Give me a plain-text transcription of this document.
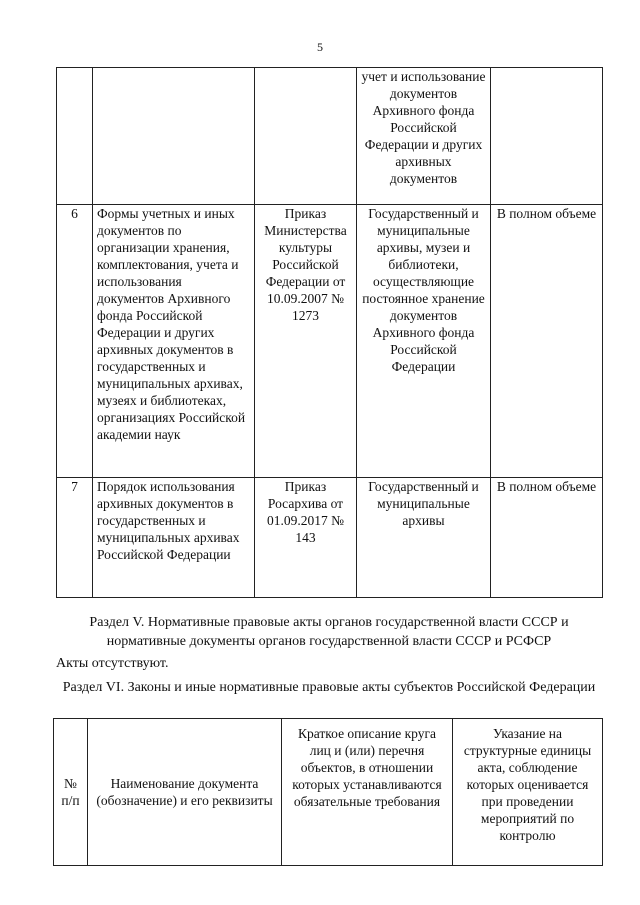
5
			учет и использование документов Архивного фонда Российской Федерации и других архивных документов	
6	Формы учетных и иных документов по организации хранения, комплектования, учета и использования документов Архивного фонда Российской Федерации и других архивных документов в государственных и муниципальных архивах, музеях и библиотеках, организациях Российской академии наук	Приказ Министерства культуры Российской Федерации от 10.09.2007 № 1273	Государственный и муниципальные архивы, музеи и библиотеки, осуществляющие постоянное хранение документов Архивного фонда Российской Федерации	В полном объеме
7	Порядок использования архивных документов в государственных и муниципальных архивах Российской Федерации	Приказ Росархива от 01.09.2017 № 143	Государственный и муниципальные архивы	В полном объеме
Раздел V. Нормативные правовые акты органов государственной власти СССР и нормативные документы органов государственной власти СССР и РСФСР
Акты отсутствуют.
Раздел VI. Законы и иные нормативные правовые акты субъектов Российской Федерации
№ п/п	Наименование документа (обозначение) и его реквизиты	Краткое описание круга лиц и (или) перечня объектов, в отношении которых устанавливаются обязательные требования	Указание на структурные единицы акта, соблюдение которых оценивается при проведении мероприятий по контролю
